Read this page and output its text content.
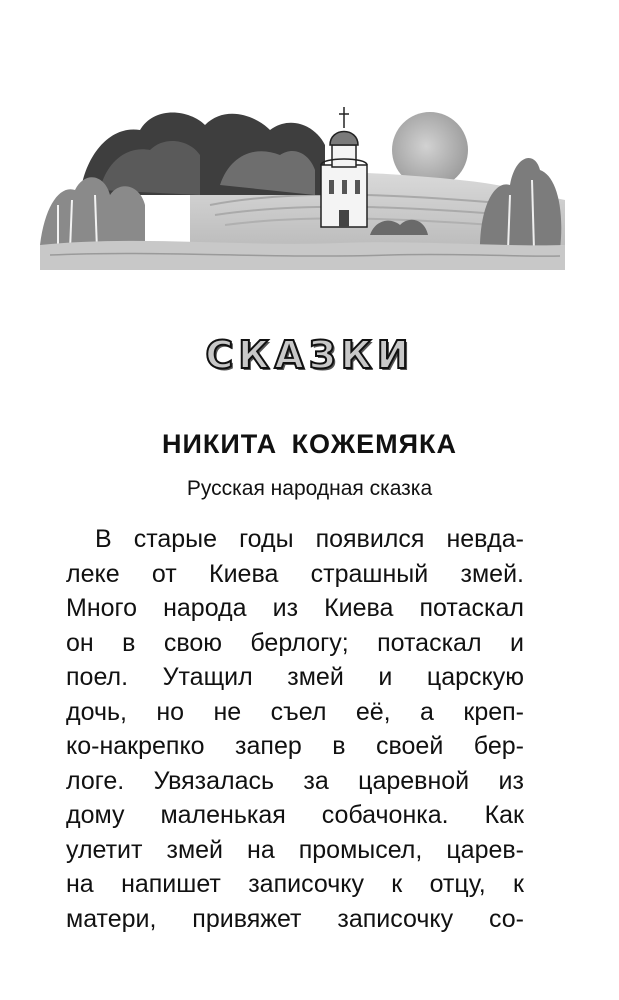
СКАЗКИ
НИКИТА КОЖЕМЯКА
Русская народная сказка
В старые годы появился невда-
леке от Киева страшный змей.
Много народа из Киева потаскал
он в свою берлогу; потаскал и
поел. Утащил змей и царскую
дочь, но не съел её, а креп-
ко-накрепко запер в своей бер-
логе. Увязалась за царевной из
дому маленькая собачонка. Как
улетит змей на промысел, царев-
на напишет записочку к отцу, к
матери, привяжет записочку со-
